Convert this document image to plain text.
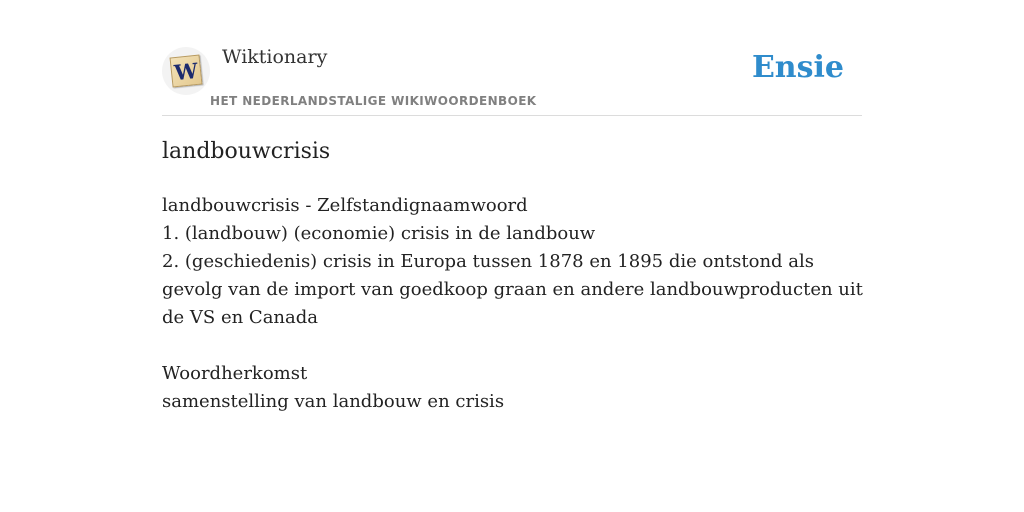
W
Wiktionary
HET NEDERLANDSTALIGE WIKIWOORDENBOEK
Ensie
landbouwcrisis

landbouwcrisis - Zelfstandignaamwoord

1. (landbouw) (economie) crisis in de landbouw

2. (geschiedenis) crisis in Europa tussen 1878 en 1895 die ontstond als gevolg van de import van goedkoop graan en andere landbouwproducten uit de VS en Canada

Woordherkomst

samenstelling van landbouw en crisis
